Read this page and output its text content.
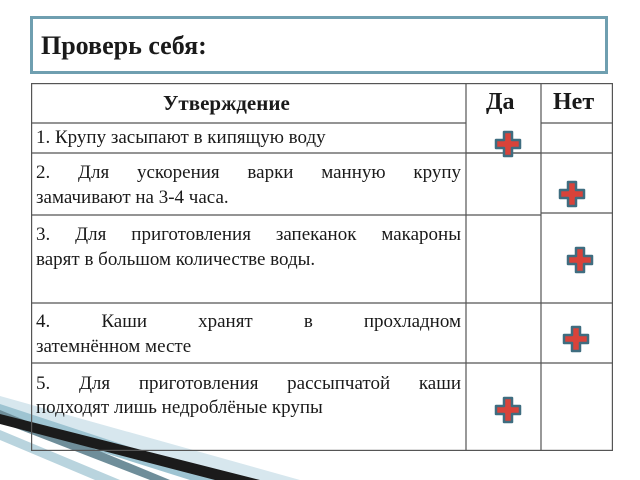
Проверь себя:
Утверждение	Да Нет
1. Крупу засыпают в кипящую воду
2. Для ускорения варки манную крупу
замачивают на 3-4 часа.
3. Для приготовления запеканок макароны
варят в большом количестве воды.
4. Каши хранят в прохладном
затемнённом месте
5. Для приготовления рассыпчатой каши
подходят лишь недроблёные крупы
